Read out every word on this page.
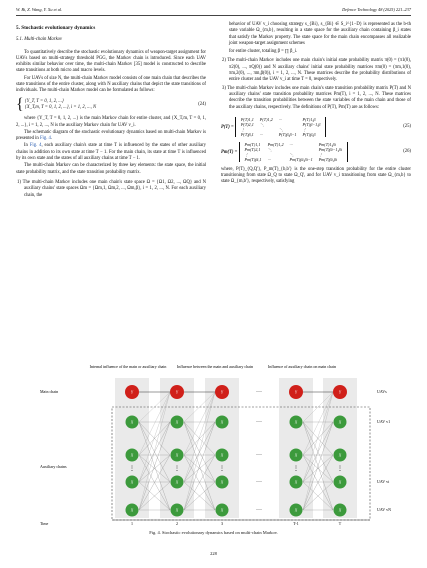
W. Bi, Z. Wang, Y. Xu et al.	Defence Technology 48 (2025) 221–237
5. Stochastic evolutionary dynamics
5.1. Multi-chain Markov

To quantitatively describe the stochastic evolutionary dynamics of weapon-target assignment for UAVs based on multi-strategy threshold PGG, the Markov chain is introduced. Since each UAV exhibits similar behavior over time, the multi-chain Markov [35] model is constructed to describe state transitions at both micro and macro levels.

For UAVs of size N, the multi-chain Markov model consists of one main chain that describes the state transitions of the entire cluster, along with N auxiliary chains that depict the state transitions of individuals. The multi-chain Markov model can be formulated as follows:

{ {Y_T, T = 0, 1, 2, ...}
{X_T,m, T = 0, 1, 2, ...}, i = 1, 2, ..., N
(24)

where {Y_T, T = 0, 1, 2, ...} is the main Markov chain for entire cluster, and {X_T,m, T = 0, 1, 2, ...}, i = 1, 2, ..., N is the auxiliary Markov chain for UAV v_i.

The schematic diagram of the stochastic evolutionary dynamics based on multi-chain Markov is presented in Fig. 4.

In Fig. 4, each auxiliary chain's state at time T is influenced by the states of other auxiliary chains in addition to its own state at time T − 1. For the main chain, its state at time T is influenced by its own state and the states of all auxiliary chains at time T − 1.

The multi-chain Markov can be characterized by three key elements: the state space, the initial state probability matrix, and the state transition probability matrix.

1) The multi-chain Markov includes one main chain's state space Ω = {Ω1, Ω2, ..., ΩQ} and N auxiliary chains' state spaces Ωm = {Ωm,1, Ωm,2, ..., Ωm,β}, i = 1, 2, ..., N. For each auxiliary chain, the
behavior of UAV v_i choosing strategy s_{Bi}, s_{Bi} ∈ S_i^{1−D} is represented as the b-th state variable Ω_{m,b}, resulting in a state space for the auxiliary chain containing β_i states that satisfy the Markov property. The state space for the main chain encompasses all realizable joint weapon-target assignment schemes
for entire cluster, totaling β = ∏ β_i.
2) The multi-chain Markov includes one main chain's initial state probability matrix π(0) = (π1(0), π2(0), ..., πQ(0)) and N auxiliary chains' initial state probability matrices πm(0) = (πm,1(0), πm,2(0), ..., πm,β(0)), i = 1, 2, ..., N. These matrices describe the probability distributions of entire cluster and the UAV v_i at time T = 0, respectively.
3) The multi-chain Markov includes one main chain's state transition probability matrix P(T) and N auxiliary chains' state transition probability matrices Pm(T), i = 1, 2, ..., N. These matrices describe the transition probabilities between the state variables of the main chain and those of the auxiliary chains, respectively. The definitions of P(T), Pm(T) are as follows:
P(T) =
P(T)1,1	P(T)1,2	···	P(T)1,β
P(T)2,1	⋱		P(T)β−1,β
⋮		⋱	⋮
P(T)β,1	···	P(T)β,β−1	P(T)β,β
(25)
Pm(T) =
Pm(T)1,1	Pm(T)1,2	···	Pm(T)1,βi
Pm(T)2,1	⋱		Pm(T)βi−1,βi
⋮		⋱	⋮
Pm(T)βi,1	···	Pm(T)βi,βi−1	Pm(T)βi,βi
(26)

where, P(T)_{Q,Q'}, P_m(T)_{b,b'} is the one-step transition probability for the entire cluster transitioning from state Ω_Q to state Ω_Q', and for UAV v_i transitioning from state Ω_{m,b} to state Ω_{m,b'}, respectively, satisfying

Internal influence of the main or auxiliary chain	Influence between the main and auxiliary chain	Influence of auxiliary chain on main chain
Main chain
Auxiliary chains
Time
UAVs
UAV v1
UAV vi
UAV vN
···
···
···
···
···
Y
X
X
X
X
1
Y
X
X
X
X
2
Y
X
X
X
X
3
Y
X
X
X
X
T-1
Y
X
X
X
X
T
⋮	⋮	⋮	⋮	⋮
Fig. 4. Stochastic evolutionary dynamics based on multi-chain Markov.
228
